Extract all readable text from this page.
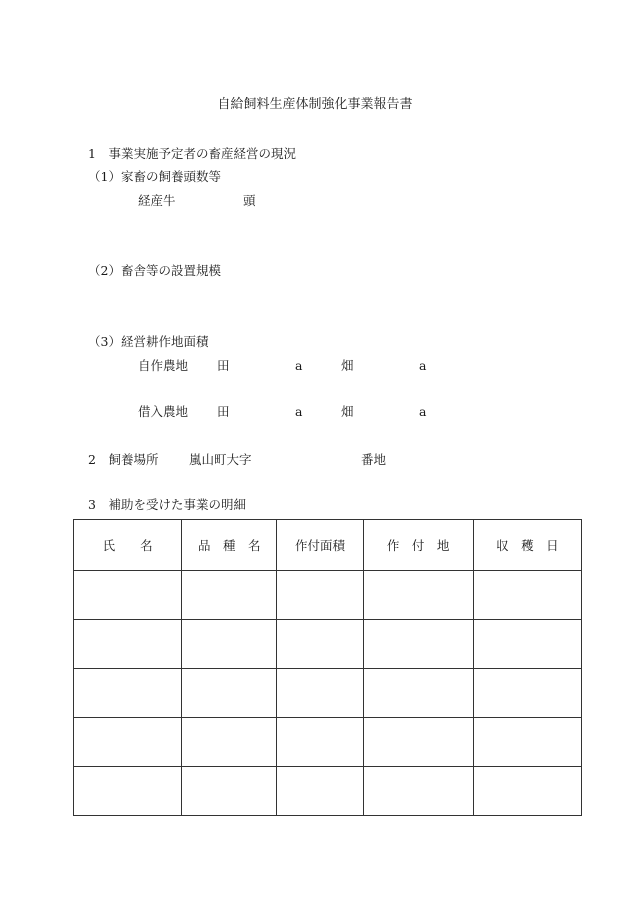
自給飼料生産体制強化事業報告書
1　事業実施予定者の畜産経営の現況
（1）家畜の飼養頭数等
経産牛	頭
（2）畜舎等の設置規模
（3）経営耕作地面積
自作農地 田	a	畑	a
借入農地 田	a	畑	a
2　飼養場所 嵐山町大字	番地
3　補助を受けた事業の明細
氏　　名	品　種　名	作付面積	作　付　地	収　穫　日
